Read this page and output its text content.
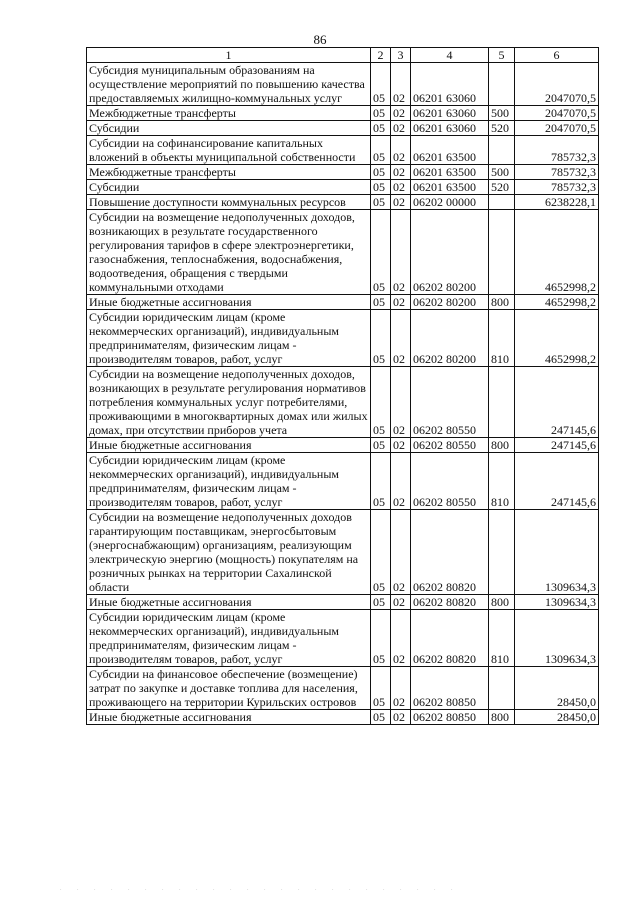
86
1	2	3	4	5	6
Субсидия муниципальным образованиям на осуществление мероприятий по повышению качества предоставляемых жилищно-коммунальных услуг	05	02	06201 63060		2047070,5
Межбюджетные трансферты	05	02	06201 63060	500	2047070,5
Субсидии	05	02	06201 63060	520	2047070,5
Субсидии на софинансирование капитальных вложений в объекты муниципальной собственности	05	02	06201 63500		785732,3
Межбюджетные трансферты	05	02	06201 63500	500	785732,3
Субсидии	05	02	06201 63500	520	785732,3
Повышение доступности коммунальных ресурсов	05	02	06202 00000		6238228,1
Субсидии на возмещение недополученных доходов, возникающих в результате государственного регулирования тарифов в сфере электроэнергетики, газоснабжения, теплоснабжения, водоснабжения, водоотведения, обращения с твердыми коммунальными отходами	05	02	06202 80200		4652998,2
Иные бюджетные ассигнования	05	02	06202 80200	800	4652998,2
Субсидии юридическим лицам (кроме некоммерческих организаций), индивидуальным предпринимателям, физическим лицам - производителям товаров, работ, услуг	05	02	06202 80200	810	4652998,2
Субсидии на возмещение недополученных доходов, возникающих в результате регулирования нормативов потребления коммунальных услуг потребителями, проживающими в многоквартирных домах или жилых домах, при отсутствии приборов учета	05	02	06202 80550		247145,6
Иные бюджетные ассигнования	05	02	06202 80550	800	247145,6
Субсидии юридическим лицам (кроме некоммерческих организаций), индивидуальным предпринимателям, физическим лицам - производителям товаров, работ, услуг	05	02	06202 80550	810	247145,6
Субсидии на возмещение недополученных доходов гарантирующим поставщикам, энергосбытовым (энергоснабжающим) организациям, реализующим электрическую энергию (мощность) покупателям на розничных рынках на территории Сахалинской области	05	02	06202 80820		1309634,3
Иные бюджетные ассигнования	05	02	06202 80820	800	1309634,3
Субсидии юридическим лицам (кроме некоммерческих организаций), индивидуальным предпринимателям, физическим лицам - производителям товаров, работ, услуг	05	02	06202 80820	810	1309634,3
Субсидии на финансовое обеспечение (возмещение) затрат по закупке и доставке топлива для населения, проживающего на территории Курильских островов	05	02	06202 80850		28450,0
Иные бюджетные ассигнования	05	02	06202 80850	800	28450,0
. . . . . . . . . . . . . . . . . . . . . . . .
